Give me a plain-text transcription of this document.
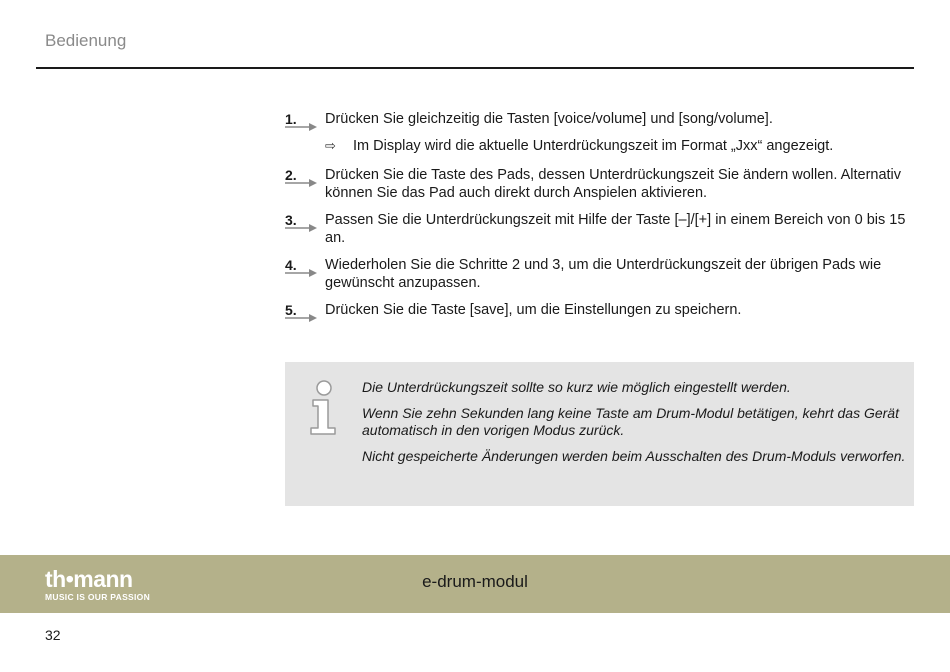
Bedienung
1.	Drücken Sie gleichzeitig die Tasten [voice/volume] und [song/volume].
⇨	Im Display wird die aktuelle Unterdrückungszeit im Format „Jxx“ angezeigt.
2.	Drücken Sie die Taste des Pads, dessen Unterdrückungszeit Sie ändern wollen. Alternativ können Sie das Pad auch direkt durch Anspielen aktivieren.
3.	Passen Sie die Unterdrückungszeit mit Hilfe der Taste [–]/[+] in einem Bereich von 0 bis 15 an.
4.	Wiederholen Sie die Schritte 2 und 3, um die Unterdrückungszeit der übrigen Pads wie gewünscht anzupassen.
5.	Drücken Sie die Taste [save], um die Einstellungen zu speichern.

Die Unterdrückungszeit sollte so kurz wie möglich eingestellt werden.

Wenn Sie zehn Sekunden lang keine Taste am Drum-Modul betätigen, kehrt das Gerät automatisch in den vorigen Modus zurück.

Nicht gespeicherte Änderungen werden beim Ausschalten des Drum-Moduls verworfen.

th•mann
MUSIC IS OUR PASSION
e-drum-modul
32
